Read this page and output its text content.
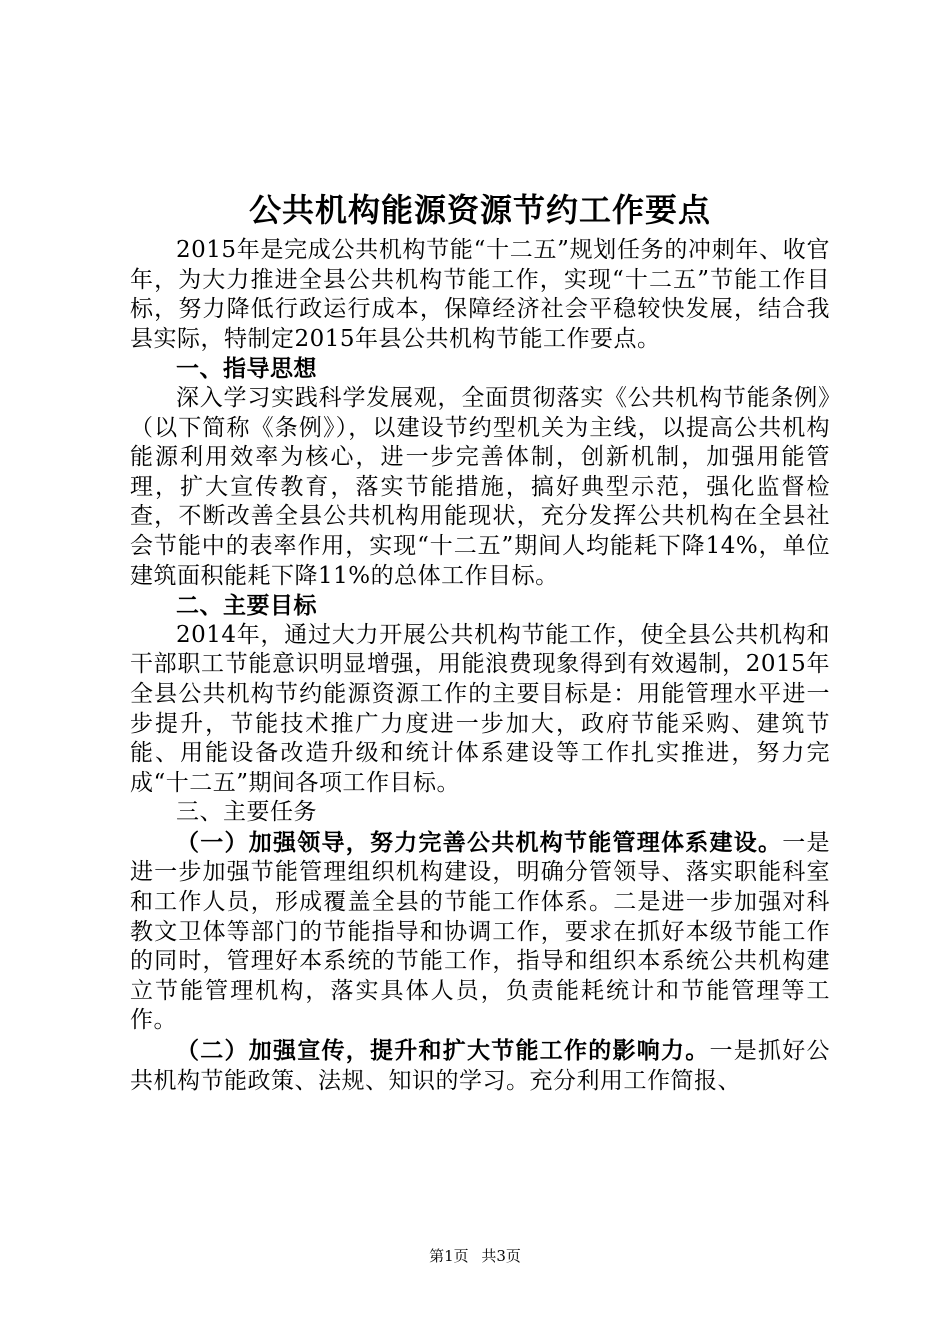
公共机构能源资源节约工作要点

2015年是完成公共机构节能“十二五”规划任务的冲刺年、收官年，为大力推进全县公共机构节能工作，实现“十二五”节能工作目标，努力降低行政运行成本，保障经济社会平稳较快发展，结合我县实际，特制定2015年县公共机构节能工作要点。

一、指导思想

深入学习实践科学发展观，全面贯彻落实《公共机构节能条例》（以下简称《条例》），以建设节约型机关为主线，以提高公共机构能源利用效率为核心，进一步完善体制，创新机制，加强用能管理，扩大宣传教育，落实节能措施，搞好典型示范，强化监督检查，不断改善全县公共机构用能现状，充分发挥公共机构在全县社会节能中的表率作用，实现“十二五”期间人均能耗下降14%，单位建筑面积能耗下降11%的总体工作目标。

二、主要目标

2014年，通过大力开展公共机构节能工作，使全县公共机构和干部职工节能意识明显增强，用能浪费现象得到有效遏制，2015年全县公共机构节约能源资源工作的主要目标是：用能管理水平进一步提升，节能技术推广力度进一步加大，政府节能采购、建筑节能、用能设备改造升级和统计体系建设等工作扎实推进，努力完成“十二五”期间各项工作目标。

三、主要任务

（一）加强领导，努力完善公共机构节能管理体系建设。一是进一步加强节能管理组织机构建设，明确分管领导、落实职能科室和工作人员，形成覆盖全县的节能工作体系。二是进一步加强对科教文卫体等部门的节能指导和协调工作，要求在抓好本级节能工作的同时，管理好本系统的节能工作，指导和组织本系统公共机构建立节能管理机构，落实具体人员，负责能耗统计和节能管理等工作。

（二）加强宣传，提升和扩大节能工作的影响力。一是抓好公共机构节能政策、法规、知识的学习。充分利用工作简报、

第1页 共3页
